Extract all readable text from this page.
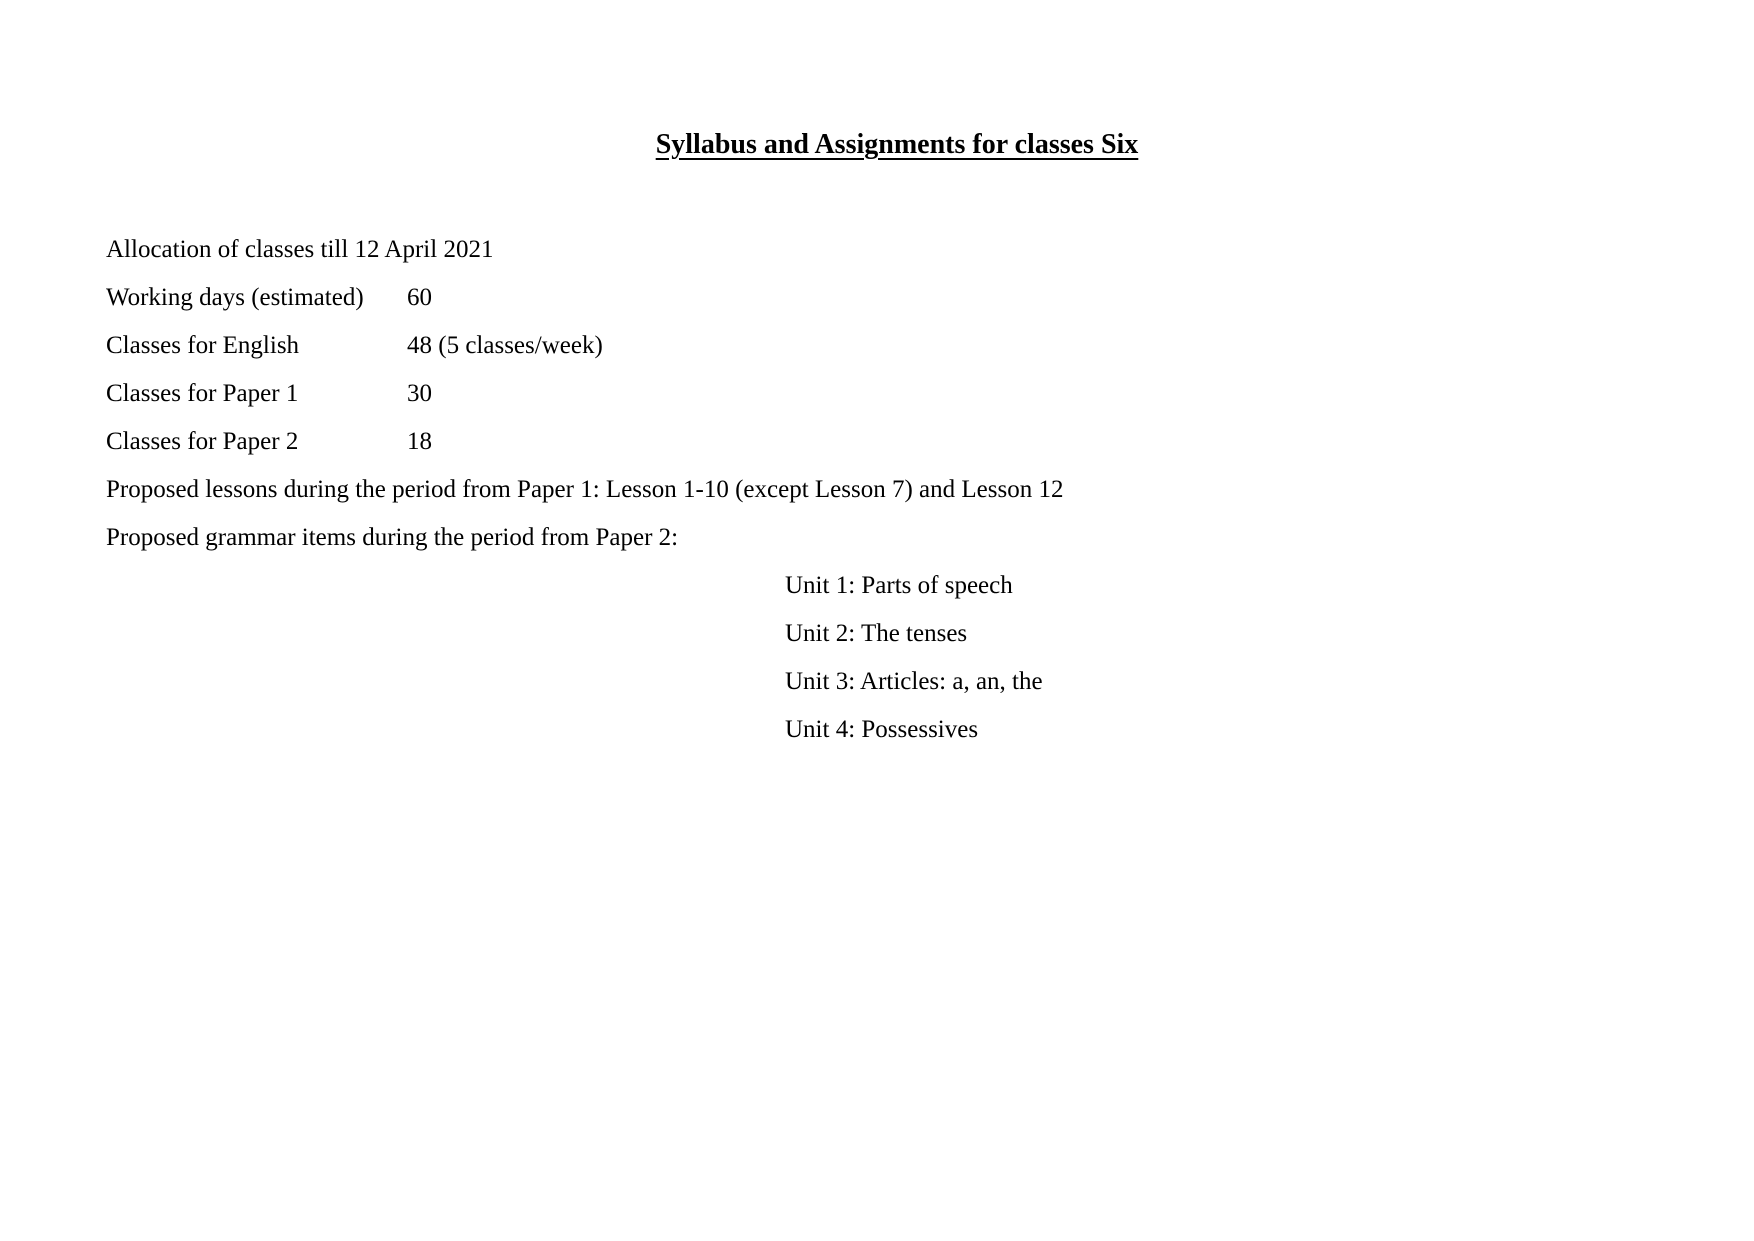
Syllabus and Assignments for classes Six
Allocation of classes till 12 April 2021
Working days (estimated) 60
Classes for English	48 (5 classes/week)
Classes for Paper 1	30
Classes for Paper 2	18
Proposed lessons during the period from Paper 1: Lesson 1-10 (except Lesson 7) and Lesson 12
Proposed grammar items during the period from Paper 2:
Unit 1: Parts of speech
Unit 2: The tenses
Unit 3: Articles: a, an, the
Unit 4: Possessives
